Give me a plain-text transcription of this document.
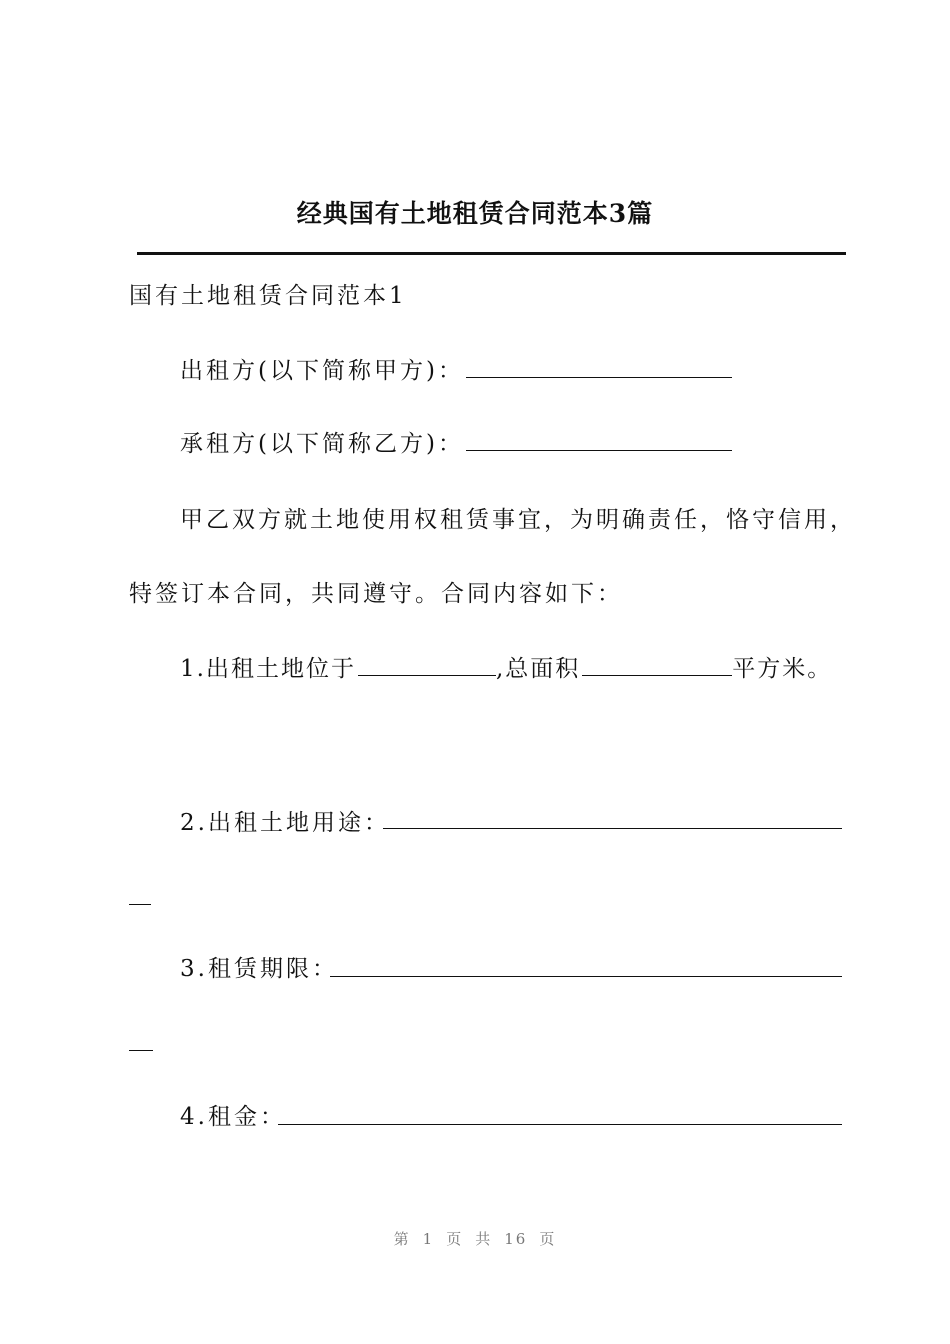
经典国有土地租赁合同范本3篇
国有土地租赁合同范本1
出租方(以下简称甲方)：
承租方(以下简称乙方)：
甲乙双方就土地使用权租赁事宜，为明确责任，恪守信用，
特签订本合同，共同遵守。合同内容如下：
1.出租土地位于	,总面积	平方米。
2.出租土地用途：
3.租赁期限：
4.租金：
第 1 页 共 16 页
